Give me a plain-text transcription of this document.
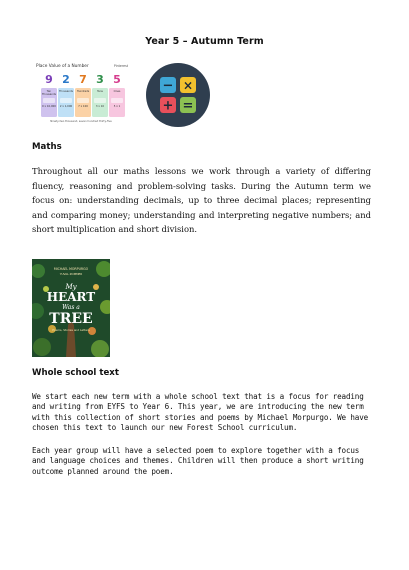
Year 5 – Autumn Term
Place Value of a Number	Pinterest
9 2 7 3 5
Ten Thousands
9 x 10,000
Thousands
2 x 1,000
Hundreds
7 x 100
Tens
3 x 10
Ones
5 x 1
Ninety-two thousand, seven hundred thirty-five
− ×
+ =
Maths
Throughout all our maths lessons we work through a variety of differing fluency, reasoning and problem-solving tasks. During the Autumn term we focus on: understanding decimals, up to three decimal places; representing and comparing money; understanding and interpreting negative numbers; and short multiplication and short division.
MICHAEL MORPURGO
YUVAL ZOMMER
My
HEART
Was a
TREE
Poems, Stories and Letters
Whole school text
We start each new term with a whole school text that is a focus for reading and writing from EYFS to Year 6. This year, we are introducing the new term with this collection of short stories and poems by Michael Morpurgo. We have chosen this text to launch our new Forest School curriculum.
Each year group will have a selected poem to explore together with a focus and language choices and themes. Children will then produce a short writing outcome planned around the poem.
